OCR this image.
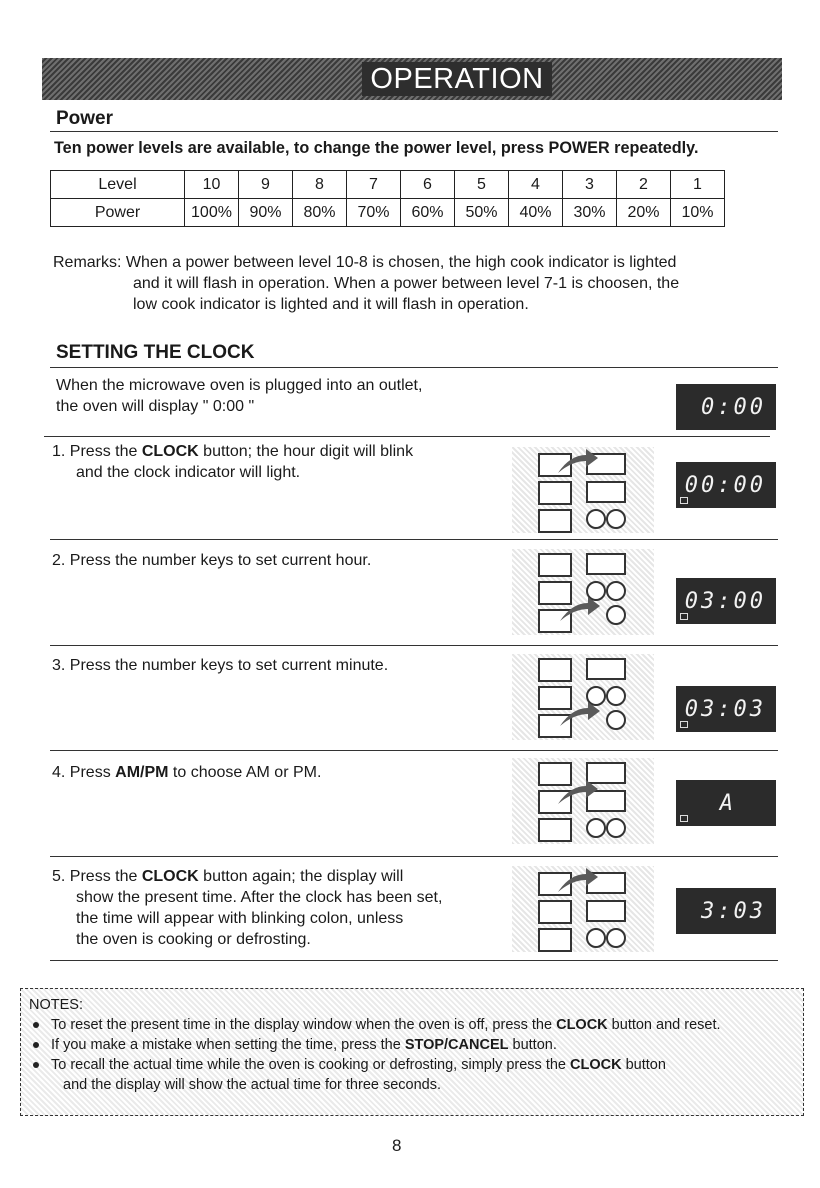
OPERATION
Power
Ten power levels are available, to change the power level, press POWER repeatedly.
Level	10	9	8	7	6	5	4	3	2	1
Power	100%	90%	80%	70%	60%	50%	40%	30%	20%	10%
Remarks: When a power between level 10-8 is chosen, the high cook indicator is lighted
and it will flash in operation. When a power between level 7-1 is choosen, the
low cook indicator is lighted and it will flash in operation.
SETTING THE CLOCK
When the microwave oven is plugged into an outlet,
the oven will display " 0:00 "	0:00
1. Press the CLOCK button; the hour digit will blink
and the clock indicator will light.	00:00
2. Press the number keys to set current hour.
03:00
3. Press the number keys to set current minute.
03:03
4. Press AM/PM to choose AM or PM.
A
5. Press the CLOCK button again; the display will
show the present time. After the clock has been set,
the time will appear with blinking colon, unless
the oven is cooking or defrosting.
3:03
NOTES:
To reset the present time in the display window when the oven is off, press the CLOCK button and reset.
If you make a mistake when setting the time, press the STOP/CANCEL button.
To recall the actual time while the oven is cooking or defrosting, simply press the CLOCK button
and the display will show the actual time for three seconds.
8
